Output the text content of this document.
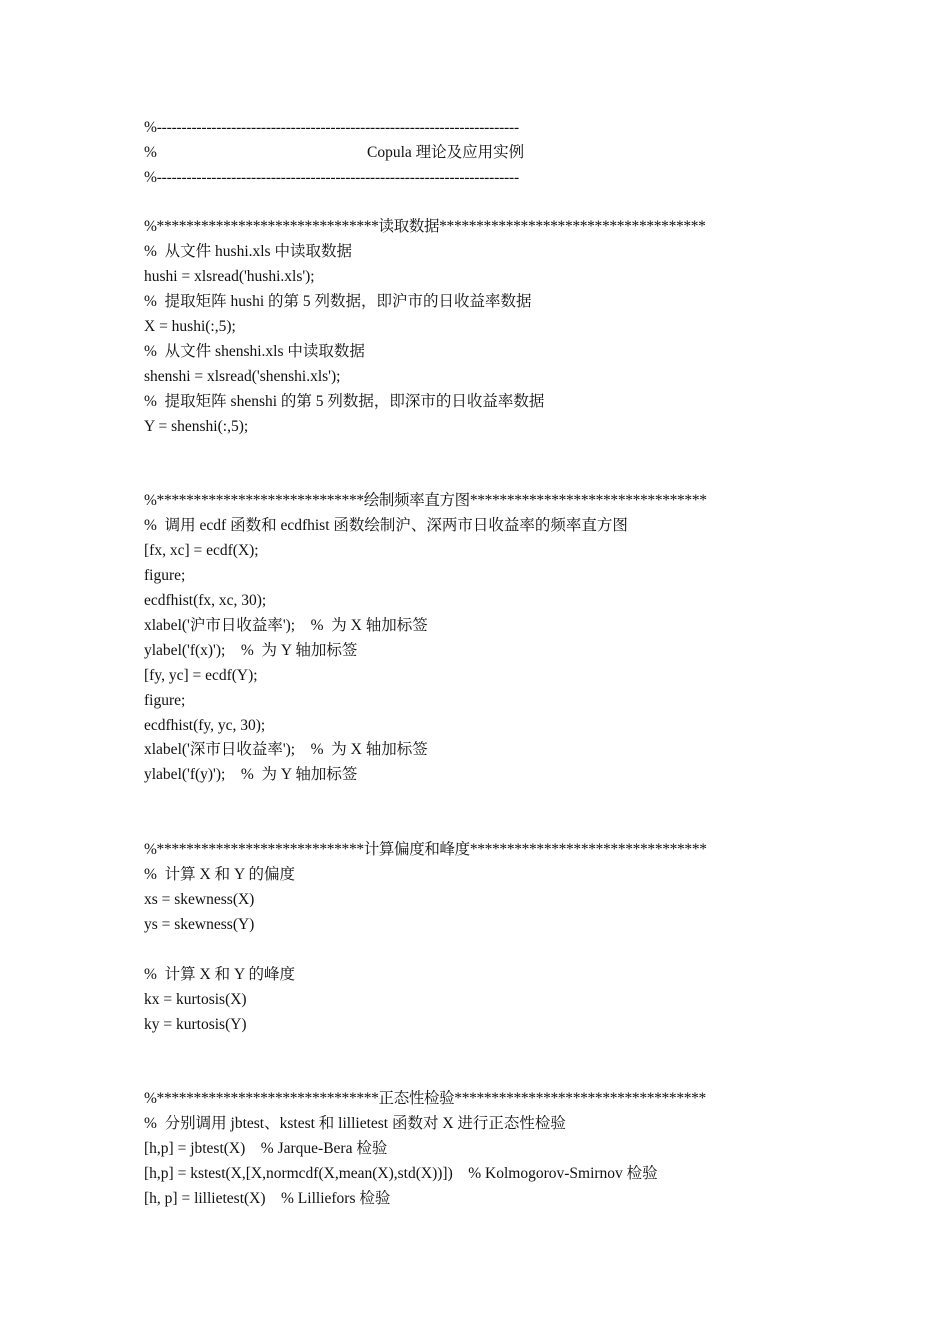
%-------------------------------------------------------------------------
%	Copula 理论及应用实例
%-------------------------------------------------------------------------
%******************************读取数据************************************
%  从文件 hushi.xls 中读取数据
hushi = xlsread('hushi.xls');
%  提取矩阵 hushi 的第 5 列数据，即沪市的日收益率数据
X = hushi(:,5);
%  从文件 shenshi.xls 中读取数据
shenshi = xlsread('shenshi.xls');
%  提取矩阵 shenshi 的第 5 列数据，即深市的日收益率数据
Y = shenshi(:,5);
%****************************绘制频率直方图********************************
%  调用 ecdf 函数和 ecdfhist 函数绘制沪、深两市日收益率的频率直方图
[fx, xc] = ecdf(X);
figure;
ecdfhist(fx, xc, 30);
xlabel('沪市日收益率');    %  为 X 轴加标签
ylabel('f(x)');    %  为 Y 轴加标签
[fy, yc] = ecdf(Y);
figure;
ecdfhist(fy, yc, 30);
xlabel('深市日收益率');    %  为 X 轴加标签
ylabel('f(y)');    %  为 Y 轴加标签
%****************************计算偏度和峰度********************************
%  计算 X 和 Y 的偏度
xs = skewness(X)
ys = skewness(Y)
%  计算 X 和 Y 的峰度
kx = kurtosis(X)
ky = kurtosis(Y)
%******************************正态性检验**********************************
%  分别调用 jbtest、kstest 和 lillietest 函数对 X 进行正态性检验
[h,p] = jbtest(X)    % Jarque-Bera 检验
[h,p] = kstest(X,[X,normcdf(X,mean(X),std(X))])    % Kolmogorov-Smirnov 检验
[h, p] = lillietest(X)    % Lilliefors 检验
